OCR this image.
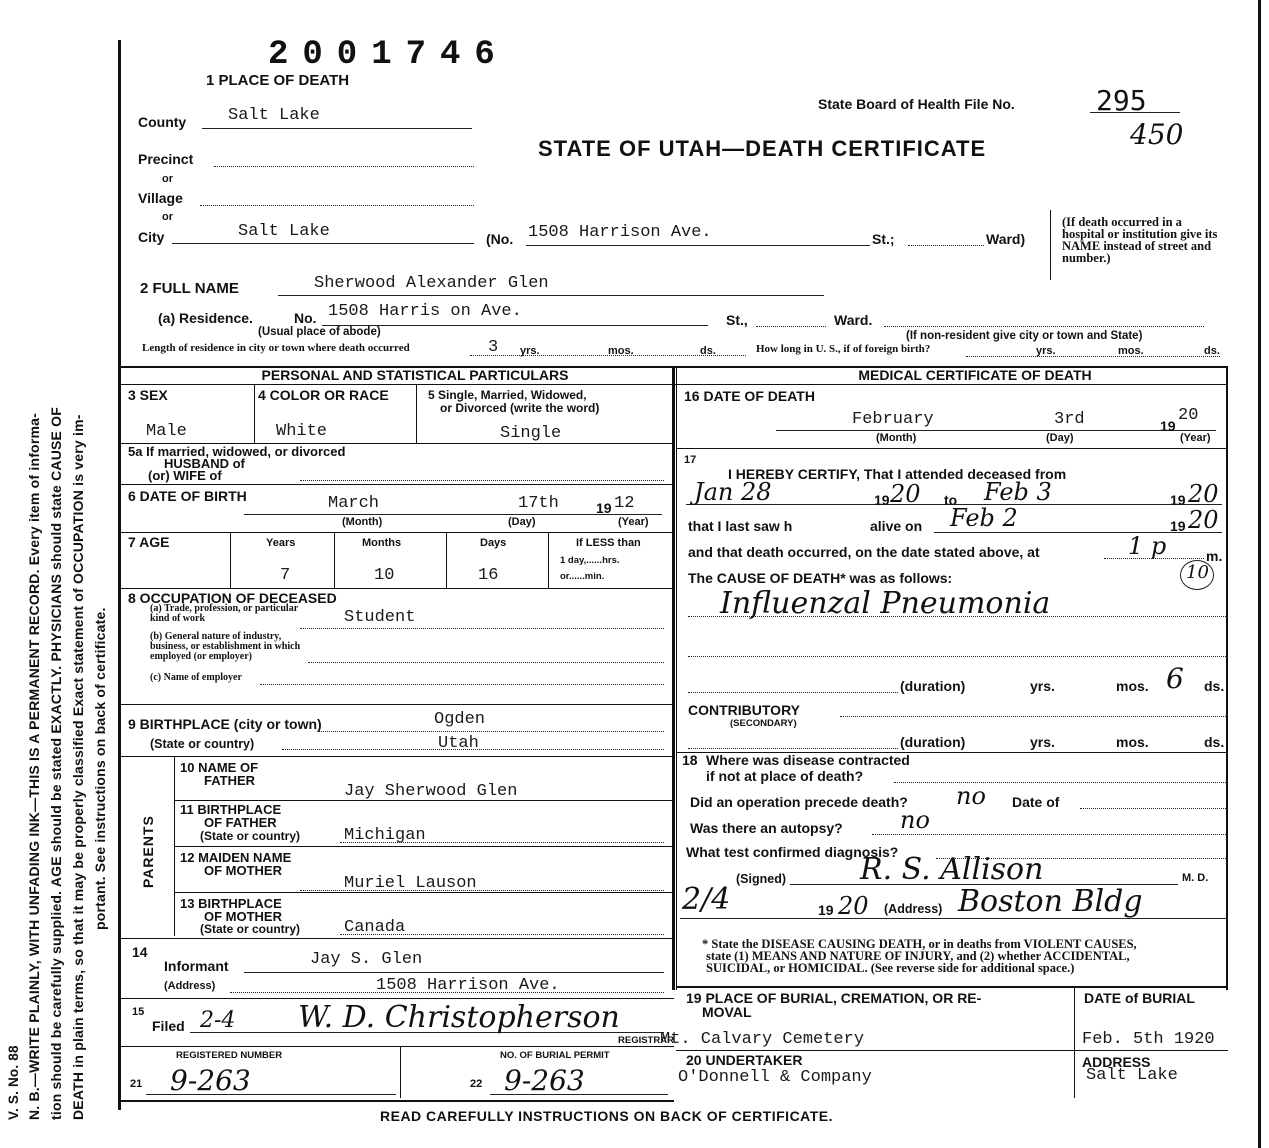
V. S. No. 88 N. B.—WRITE PLAINLY, WITH UNFADING INK—THIS IS A PERMANENT RECORD. Every item of informa- tion should be carefully supplied. AGE should be stated EXACTLY. PHYSICIANS should state CAUSE OF DEATH in plain terms, so that it may be properly classified Exact statement of OCCUPATION is very im- portant. See instructions on back of certificate.
2001746
1 PLACE OF DEATH
State Board of Health File No.	295
450
STATE OF UTAH—DEATH CERTIFICATE
County Salt Lake
Precinct
or
Village
or
City	Salt Lake	(No. 1508 Harrison Ave.	St.;	Ward)
(If death occurred in a hospital or institution give its NAME instead of street and number.)
2 FULL NAME	Sherwood Alexander Glen
(a) Residence.	No. 1508 Harris on Ave.	St.,	Ward.
(Usual place of abode)	(If non-resident give city or town and State)
Length of residence in city or town where death occurred	3 yrs.	mos.	ds.	How long in U. S., if of foreign birth?	yrs.	mos.	ds.
PERSONAL AND STATISTICAL PARTICULARS	MEDICAL CERTIFICATE OF DEATH
3 SEX	4 COLOR OR RACE	5 Single, Married, Widowed,
or Divorced (write the word)
Male	White	Single
5a If married, widowed, or divorced
HUSBAND of
(or) WIFE of
6 DATE OF BIRTH	March	17th	19 12
(Month)	(Day)	(Year)
7 AGE	Years	Months	Days	If LESS than
1 day,......hrs.
or......min.
7	10	16
8 OCCUPATION OF DECEASED
(a) Trade, profession, or particular kind of work	Student
(b) General nature of industry, business, or establishment in which employed (or employer)
(c) Name of employer
9 BIRTHPLACE (city or town)	Ogden
(State or country)	Utah
PARENTS
10 NAME OF
FATHER
Jay Sherwood Glen
11 BIRTHPLACE
OF FATHER
(State or country)	Michigan
12 MAIDEN NAME
OF MOTHER
Muriel Lauson
13 BIRTHPLACE
OF MOTHER
(State or country)	Canada
14
Informant	Jay S. Glen
(Address)	1508 Harrison Ave.
15
Filed 2-4 W. D. Christopherson
REGISTRAR
REGISTERED NUMBER	NO. OF BURIAL PERMIT
21	22
9-263	9-263
16 DATE OF DEATH
February	3rd	19
20
(Month)	(Day)	(Year)
17
I HEREBY CERTIFY, That I attended deceased from
Jan 28	19 20 to Feb 3	19 20
that I last saw h	alive on Feb 2	19 20
and that death occurred, on the date stated above, at	1 p	m.
The CAUSE OF DEATH* was as follows:	10
Influenzal Pneumonia
(duration)	yrs.	mos. 6 ds.
CONTRIBUTORY
(SECONDARY)
(duration)	yrs.	mos.	ds.
18 Where was disease contracted
if not at place of death?
Did an operation precede death? no Date of
Was there an autopsy? no
What test confirmed diagnosis?
(Signed) R. S. Allison	M. D.
2/4	19 20 (Address) Boston Bldg
* State the DISEASE CAUSING DEATH, or in deaths from VIOLENT CAUSES,
state (1) MEANS AND NATURE OF INJURY, and (2) whether ACCIDENTAL,
SUICIDAL, or HOMICIDAL. (See reverse side for additional space.)
19 PLACE OF BURIAL, CREMATION, OR RE-
MOVAL
Mt. Calvary Cemetery
DATE of BURIAL
Feb. 5th 1920
20 UNDERTAKER
O'Donnell & Company
ADDRESS
Salt Lake
READ CAREFULLY INSTRUCTIONS ON BACK OF CERTIFICATE.
